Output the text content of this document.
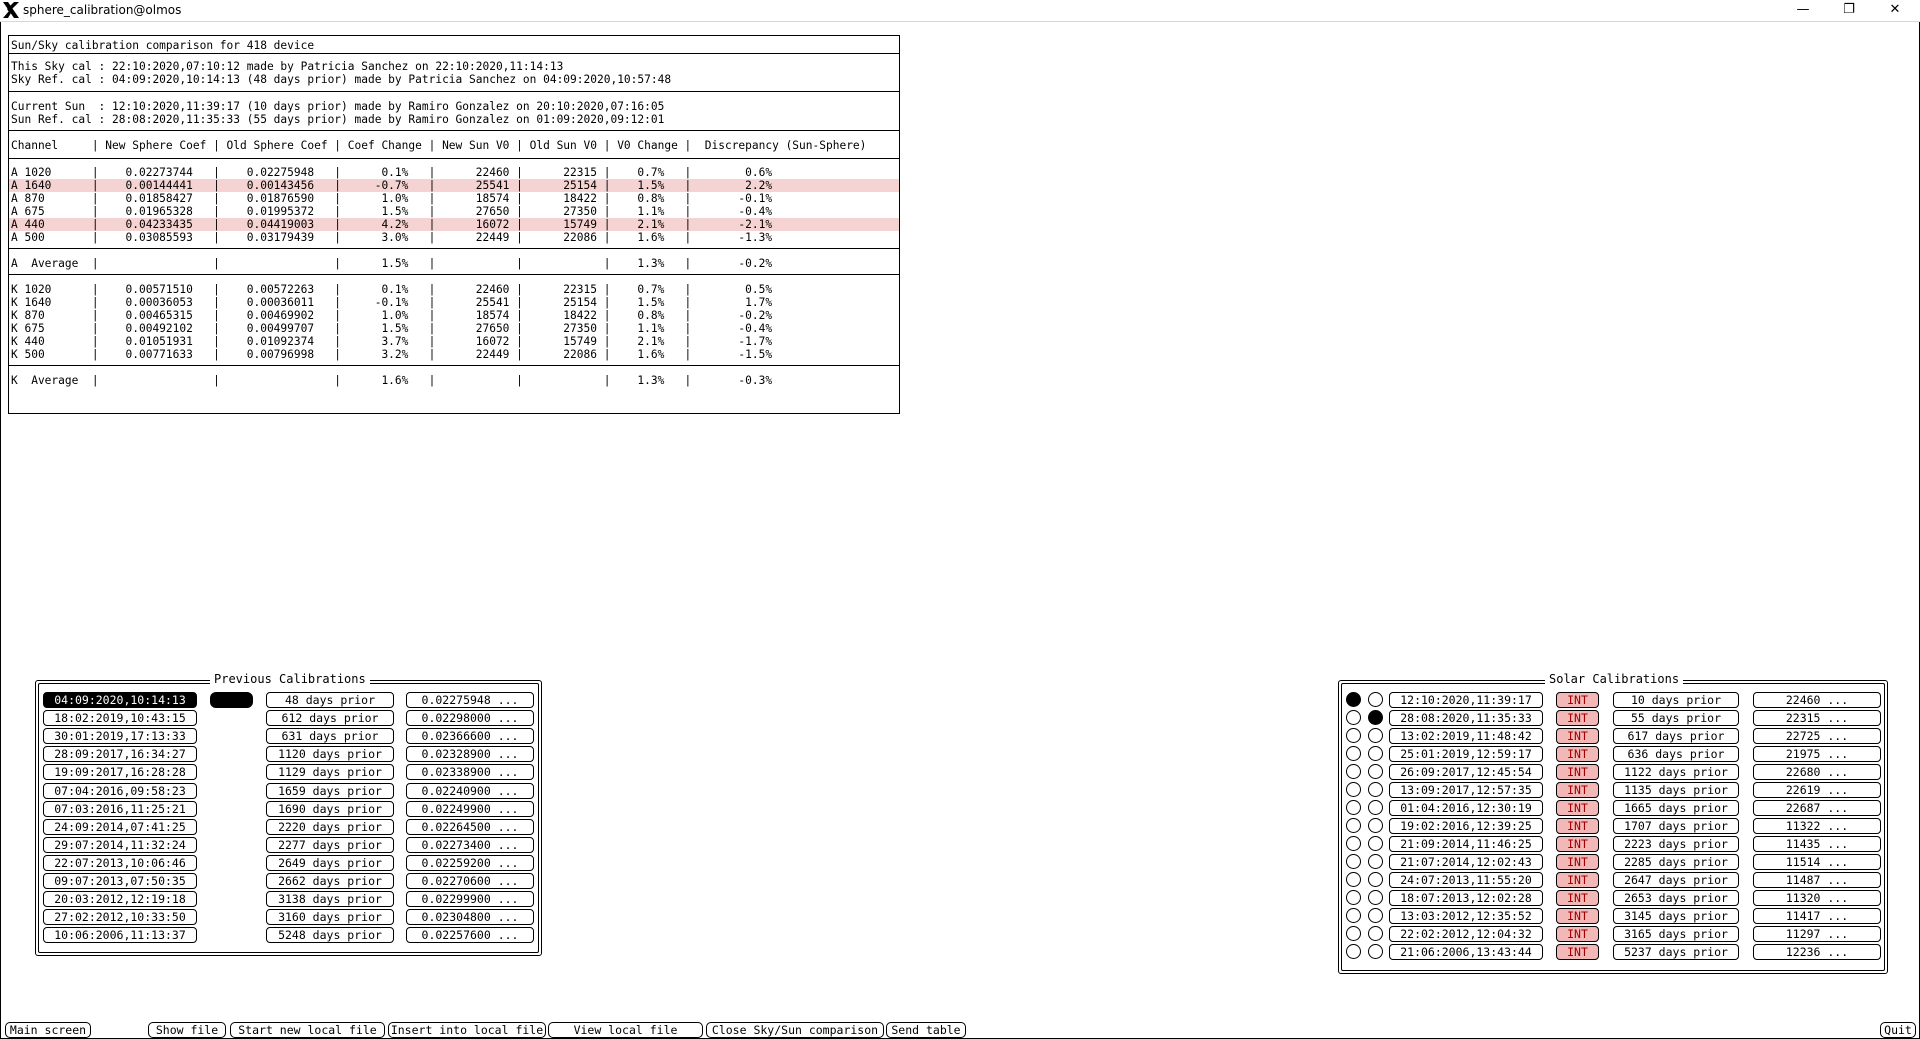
sphere_calibration@olmos	—	❐	✕
Sun/Sky calibration comparison for 418 device
This Sky cal : 22:10:2020,07:10:12 made by Patricia Sanchez on 22:10:2020,11:14:13
Sky Ref. cal : 04:09:2020,10:14:13 (48 days prior) made by Patricia Sanchez on 04:09:2020,10:57:48
Current Sun  : 12:10:2020,11:39:17 (10 days prior) made by Ramiro Gonzalez on 20:10:2020,07:16:05
Sun Ref. cal : 28:08:2020,11:35:33 (55 days prior) made by Ramiro Gonzalez on 01:09:2020,09:12:01
Channel     | New Sphere Coef | Old Sphere Coef | Coef Change | New Sun V0 | Old Sun V0 | V0 Change |  Discrepancy (Sun-Sphere)
A 1020      |    0.02273744   |    0.02275948   |      0.1%   |      22460 |      22315 |    0.7%   |        0.6%
A 1640      |    0.00144441   |    0.00143456   |     -0.7%   |      25541 |      25154 |    1.5%   |        2.2%
A 870       |    0.01858427   |    0.01876590   |      1.0%   |      18574 |      18422 |    0.8%   |       -0.1%
A 675       |    0.01965328   |    0.01995372   |      1.5%   |      27650 |      27350 |    1.1%   |       -0.4%
A 440       |    0.04233435   |    0.04419003   |      4.2%   |      16072 |      15749 |    2.1%   |       -2.1%
A 500       |    0.03085593   |    0.03179439   |      3.0%   |      22449 |      22086 |    1.6%   |       -1.3%
A  Average  |                 |                 |      1.5%   |            |            |    1.3%   |       -0.2%
K 1020      |    0.00571510   |    0.00572263   |      0.1%   |      22460 |      22315 |    0.7%   |        0.5%
K 1640      |    0.00036053   |    0.00036011   |     -0.1%   |      25541 |      25154 |    1.5%   |        1.7%
K 870       |    0.00465315   |    0.00469902   |      1.0%   |      18574 |      18422 |    0.8%   |       -0.2%
K 675       |    0.00492102   |    0.00499707   |      1.5%   |      27650 |      27350 |    1.1%   |       -0.4%
K 440       |    0.01051931   |    0.01092374   |      3.7%   |      16072 |      15749 |    2.1%   |       -1.7%
K 500       |    0.00771633   |    0.00796998   |      3.2%   |      22449 |      22086 |    1.6%   |       -1.5%
K  Average  |                 |                 |      1.6%   |            |            |    1.3%   |       -0.3%
Previous Calibrations
04:09:2020,10:14:13	48 days prior	0.02275948 ...
18:02:2019,10:43:15	612 days prior	0.02298000 ...
30:01:2019,17:13:33	631 days prior	0.02366600 ...
28:09:2017,16:34:27	1120 days prior	0.02328900 ...
19:09:2017,16:28:28	1129 days prior	0.02338900 ...
07:04:2016,09:58:23	1659 days prior	0.02240900 ...
07:03:2016,11:25:21	1690 days prior	0.02249900 ...
24:09:2014,07:41:25	2220 days prior	0.02264500 ...
29:07:2014,11:32:24	2277 days prior	0.02273400 ...
22:07:2013,10:06:46	2649 days prior	0.02259200 ...
09:07:2013,07:50:35	2662 days prior	0.02270600 ...
20:03:2012,12:19:18	3138 days prior	0.02299900 ...
27:02:2012,10:33:50	3160 days prior	0.02304800 ...
10:06:2006,11:13:37	5248 days prior	0.02257600 ...
Solar Calibrations
12:10:2020,11:39:17	INT	10 days prior	22460 ...
28:08:2020,11:35:33	INT	55 days prior	22315 ...
13:02:2019,11:48:42	INT	617 days prior	22725 ...
25:01:2019,12:59:17	INT	636 days prior	21975 ...
26:09:2017,12:45:54	INT	1122 days prior	22680 ...
13:09:2017,12:57:35	INT	1135 days prior	22619 ...
01:04:2016,12:30:19	INT	1665 days prior	22687 ...
19:02:2016,12:39:25	INT	1707 days prior	11322 ...
21:09:2014,11:46:25	INT	2223 days prior	11435 ...
21:07:2014,12:02:43	INT	2285 days prior	11514 ...
24:07:2013,11:55:20	INT	2647 days prior	11487 ...
18:07:2013,12:02:28	INT	2653 days prior	11320 ...
13:03:2012,12:35:52	INT	3145 days prior	11417 ...
22:02:2012,12:04:32	INT	3165 days prior	11297 ...
21:06:2006,13:43:44	INT	5237 days prior	12236 ...
Main screen	Show file	Start new local file	Insert into local file	View local file	Close Sky/Sun comparison	Send table	Quit
